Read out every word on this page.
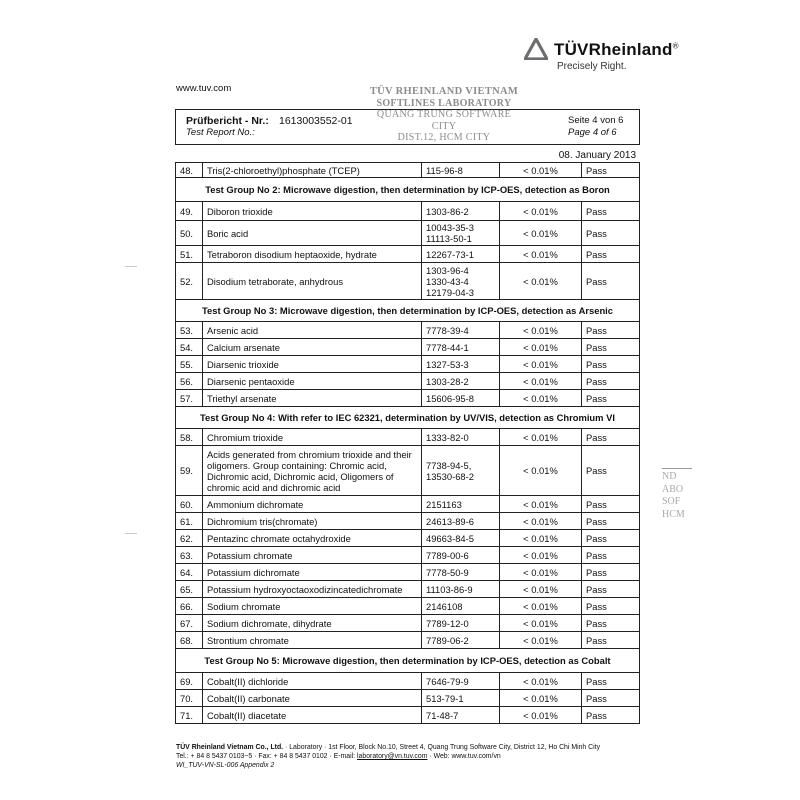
TÜVRheinland®
Precisely Right.
www.tuv.com	TÜV RHEINLAND VIETNAM
SOFTLINES LABORATORY
QUANG TRUNG SOFTWARE CITY
DIST.12, HCM CITY
Prüfbericht - Nr.: 1613003552-01
Test Report No.:
Seite 4 von 6
Page 4 of 6
08. January 2013
48.	Tris(2-chloroethyl)phosphate (TCEP)	115-96-8	< 0.01%	Pass
Test Group No 2: Microwave digestion, then determination by ICP-OES, detection as Boron				
49.	Diboron trioxide	1303-86-2	< 0.01%	Pass
50.	Boric acid	10043-35-3
11113-50-1	< 0.01%	Pass
51.	Tetraboron disodium heptaoxide, hydrate	12267-73-1	< 0.01%	Pass
52.	Disodium tetraborate, anhydrous	1303-96-4
1330-43-4
12179-04-3	< 0.01%	Pass
Test Group No 3: Microwave digestion, then determination by ICP-OES, detection as Arsenic				
53.	Arsenic acid	7778-39-4	< 0.01%	Pass
54.	Calcium arsenate	7778-44-1	< 0.01%	Pass
55.	Diarsenic trioxide	1327-53-3	< 0.01%	Pass
56.	Diarsenic pentaoxide	1303-28-2	< 0.01%	Pass
57.	Triethyl arsenate	15606-95-8	< 0.01%	Pass
Test Group No 4: With refer to IEC 62321, determination by UV/VIS, detection as Chromium VI				
58.	Chromium trioxide	1333-82-0	< 0.01%	Pass
59.	Acids generated from chromium trioxide and their oligomers. Group containing: Chromic acid, Dichromic acid, Dichromic acid, Oligomers of chromic acid and dichromic acid	7738-94-5,
13530-68-2	< 0.01%	Pass
60.	Ammonium dichromate	2151163	< 0.01%	Pass
61.	Dichromium tris(chromate)	24613-89-6	< 0.01%	Pass
62.	Pentazinc chromate octahydroxide	49663-84-5	< 0.01%	Pass
63.	Potassium chromate	7789-00-6	< 0.01%	Pass
64.	Potassium dichromate	7778-50-9	< 0.01%	Pass
65.	Potassium hydroxyoctaoxodizincatedichromate	11103-86-9	< 0.01%	Pass
66.	Sodium chromate	2146108	< 0.01%	Pass
67.	Sodium dichromate, dihydrate	7789-12-0	< 0.01%	Pass
68.	Strontium chromate	7789-06-2	< 0.01%	Pass
Test Group No 5: Microwave digestion, then determination by ICP-OES, detection as Cobalt				
69.	Cobalt(II) dichloride	7646-79-9	< 0.01%	Pass
70.	Cobalt(II) carbonate	513-79-1	< 0.01%	Pass
71.	Cobalt(II) diacetate	71-48-7	< 0.01%	Pass
ND
ABO
SOF
HCM
TÜV Rheinland Vietnam Co., Ltd. · Laboratory · 1st Floor, Block No.10, Street 4, Quang Trung Software City, District 12, Ho Chi Minh City
Tel.: + 84 8 5437 0103~5 · Fax: + 84 8 5437 0102 · E-mail: laboratory@vn.tuv.com · Web: www.tuv.com/vn
WI_TUV-VN-SL-006 Appendix 2
